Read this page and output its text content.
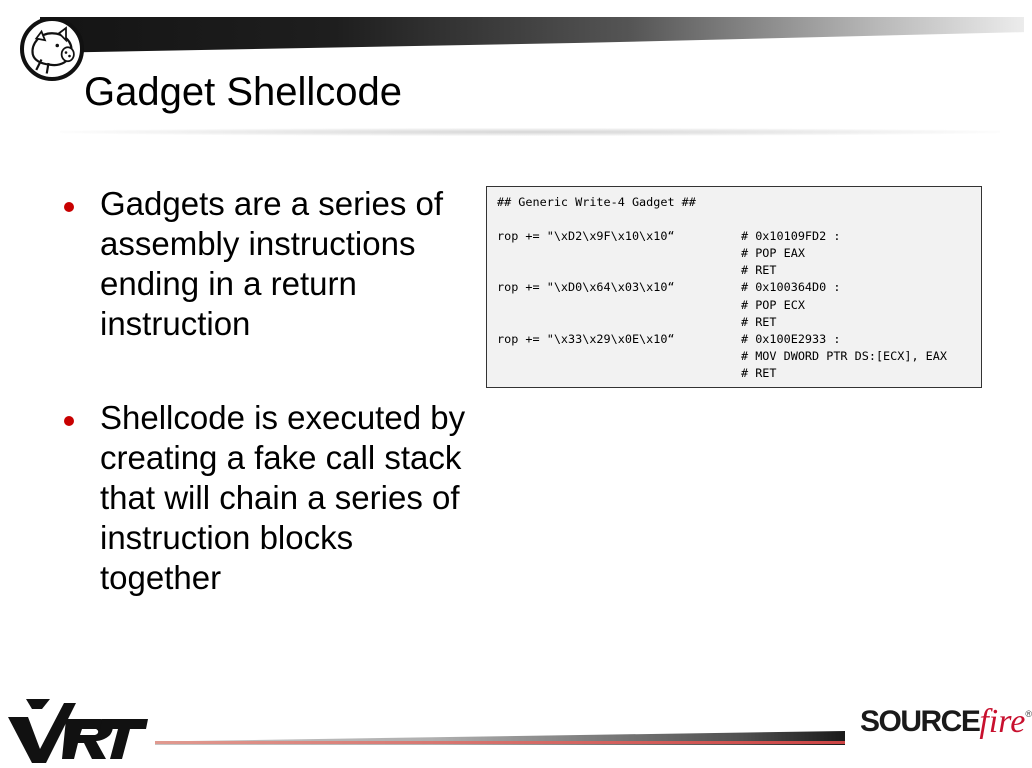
Gadget Shellcode
Gadgets are a series of assembly instructions ending in a return instruction
Shellcode is executed by creating a fake call stack that will chain a series of instruction blocks together
## Generic Write-4 Gadget ##
rop += "\xD2\x9F\x10\x10“	# 0x10109FD2 :
# POP EAX
# RET
rop += "\xD0\x64\x03\x10“	# 0x100364D0 :
# POP ECX
# RET
rop += "\x33\x29\x0E\x10“	# 0x100E2933 :
# MOV DWORD PTR DS:[ECX], EAX
# RET
VRT
SOURCEfire®
